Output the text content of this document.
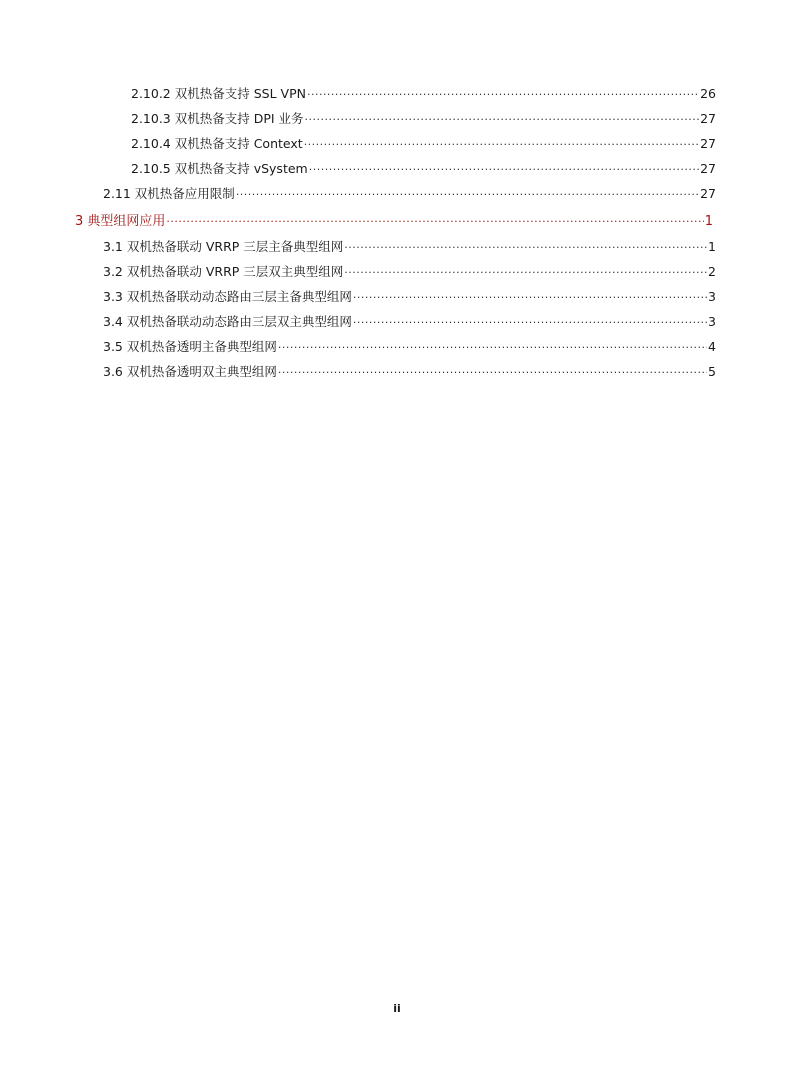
2.10.2 双机热备支持 SSL VPN ·····	26
2.10.3 双机热备支持 DPI 业务 ·····	27
2.10.4 双机热备支持 Context ·····	27
2.10.5 双机热备支持 vSystem ·····	27
2.11 双机热备应用限制 ·····	27
3 典型组网应用 ·····	1
3.1 双机热备联动 VRRP 三层主备典型组网 ·····	1
3.2 双机热备联动 VRRP 三层双主典型组网 ·····	2
3.3 双机热备联动动态路由三层主备典型组网 ·····	3
3.4 双机热备联动动态路由三层双主典型组网 ·····	3
3.5 双机热备透明主备典型组网 ·····	4
3.6 双机热备透明双主典型组网 ·····	5
ii
